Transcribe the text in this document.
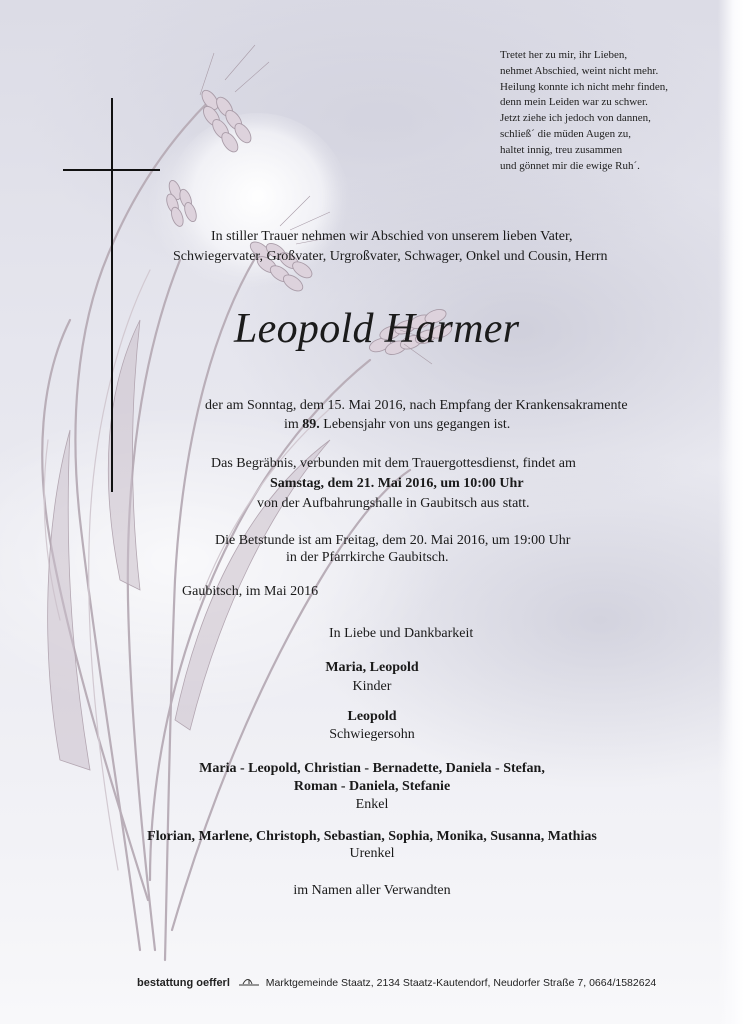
Tretet her zu mir, ihr Lieben,
nehmet Abschied, weint nicht mehr.
Heilung konnte ich nicht mehr finden,
denn mein Leiden war zu schwer.
Jetzt ziehe ich jedoch von dannen,
schließ´ die müden Augen zu,
haltet innig, treu zusammen
und gönnet mir die ewige Ruh´.
In stiller Trauer nehmen wir Abschied von unserem lieben Vater,
Schwiegervater, Großvater, Urgroßvater, Schwager, Onkel und Cousin, Herrn
Leopold Harmer
der am Sonntag, dem 15. Mai 2016, nach Empfang der Krankensakramente
im 89. Lebensjahr von uns gegangen ist.
Das Begräbnis, verbunden mit dem Trauergottesdienst, findet am
Samstag, dem 21. Mai 2016, um 10:00 Uhr
von der Aufbahrungshalle in Gaubitsch aus statt.
Die Betstunde ist am Freitag, dem 20. Mai 2016, um 19:00 Uhr
in der Pfarrkirche Gaubitsch.
Gaubitsch, im Mai 2016
In Liebe und Dankbarkeit
Maria, Leopold
Kinder
Leopold
Schwiegersohn
Maria - Leopold, Christian - Bernadette, Daniela - Stefan,
Roman - Daniela, Stefanie
Enkel
Florian, Marlene, Christoph, Sebastian, Sophia, Monika, Susanna, Mathias
Urenkel
im Namen aller Verwandten
bestattung oefferl	Marktgemeinde Staatz, 2134 Staatz-Kautendorf, Neudorfer Straße 7, 0664/1582624
